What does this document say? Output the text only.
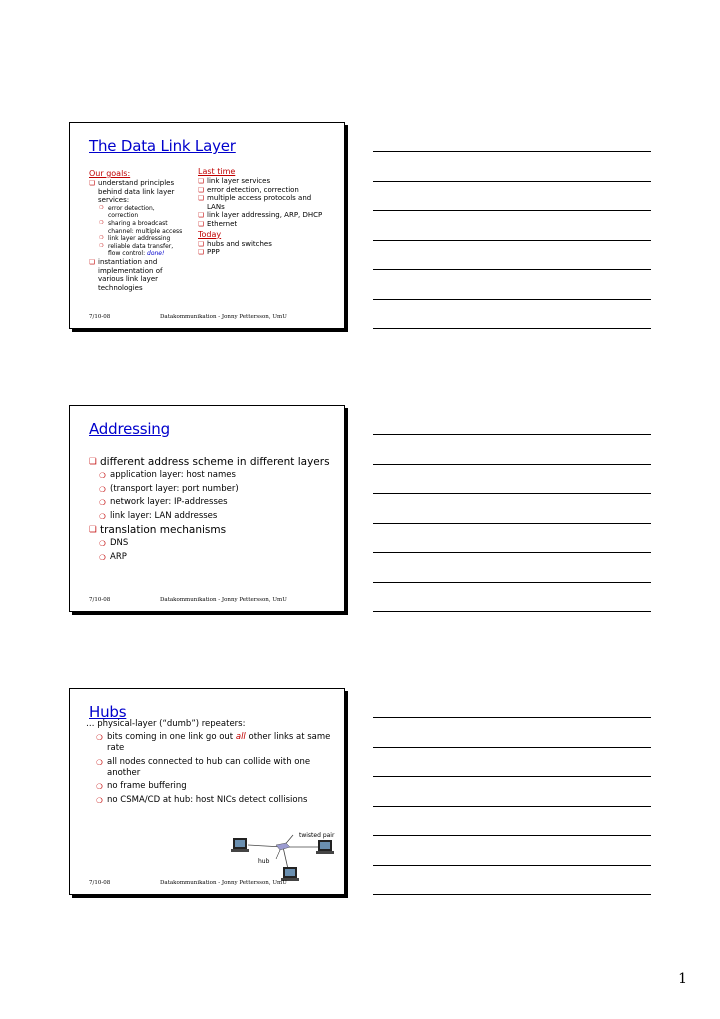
The Data Link Layer
Our goals:
❏ understand principles behind data link layer services:
❍ error detection, correction
❍ sharing a broadcast channel: multiple access
❍ link layer addressing
❍ reliable data transfer, flow control: done!
❏ instantiation and implementation of various link layer technologies
Last time
❏ link layer services
❏ error detection, correction
❏ multiple access protocols and LANs
❏ link layer addressing, ARP, DHCP
❏ Ethernet
Today
❏ hubs and switches
❏ PPP
7/10-08	Datakommunikation - Jonny Pettersson, UmU
Addressing
❏ different address scheme in different layers
❍ application layer: host names
❍ (transport layer: port number)
❍ network layer: IP-addresses
❍ link layer: LAN addresses
❏ translation mechanisms
❍ DNS
❍ ARP
7/10-08	Datakommunikation - Jonny Pettersson, UmU
Hubs
… physical-layer (“dumb”) repeaters:
❍ bits coming in one link go out all other links at same rate
❍ all nodes connected to hub can collide with one another
❍ no frame buffering
❍ no CSMA/CD at hub: host NICs detect collisions
twisted pair
hub
7/10-08	Datakommunikation - Jonny Pettersson, UmU
1
